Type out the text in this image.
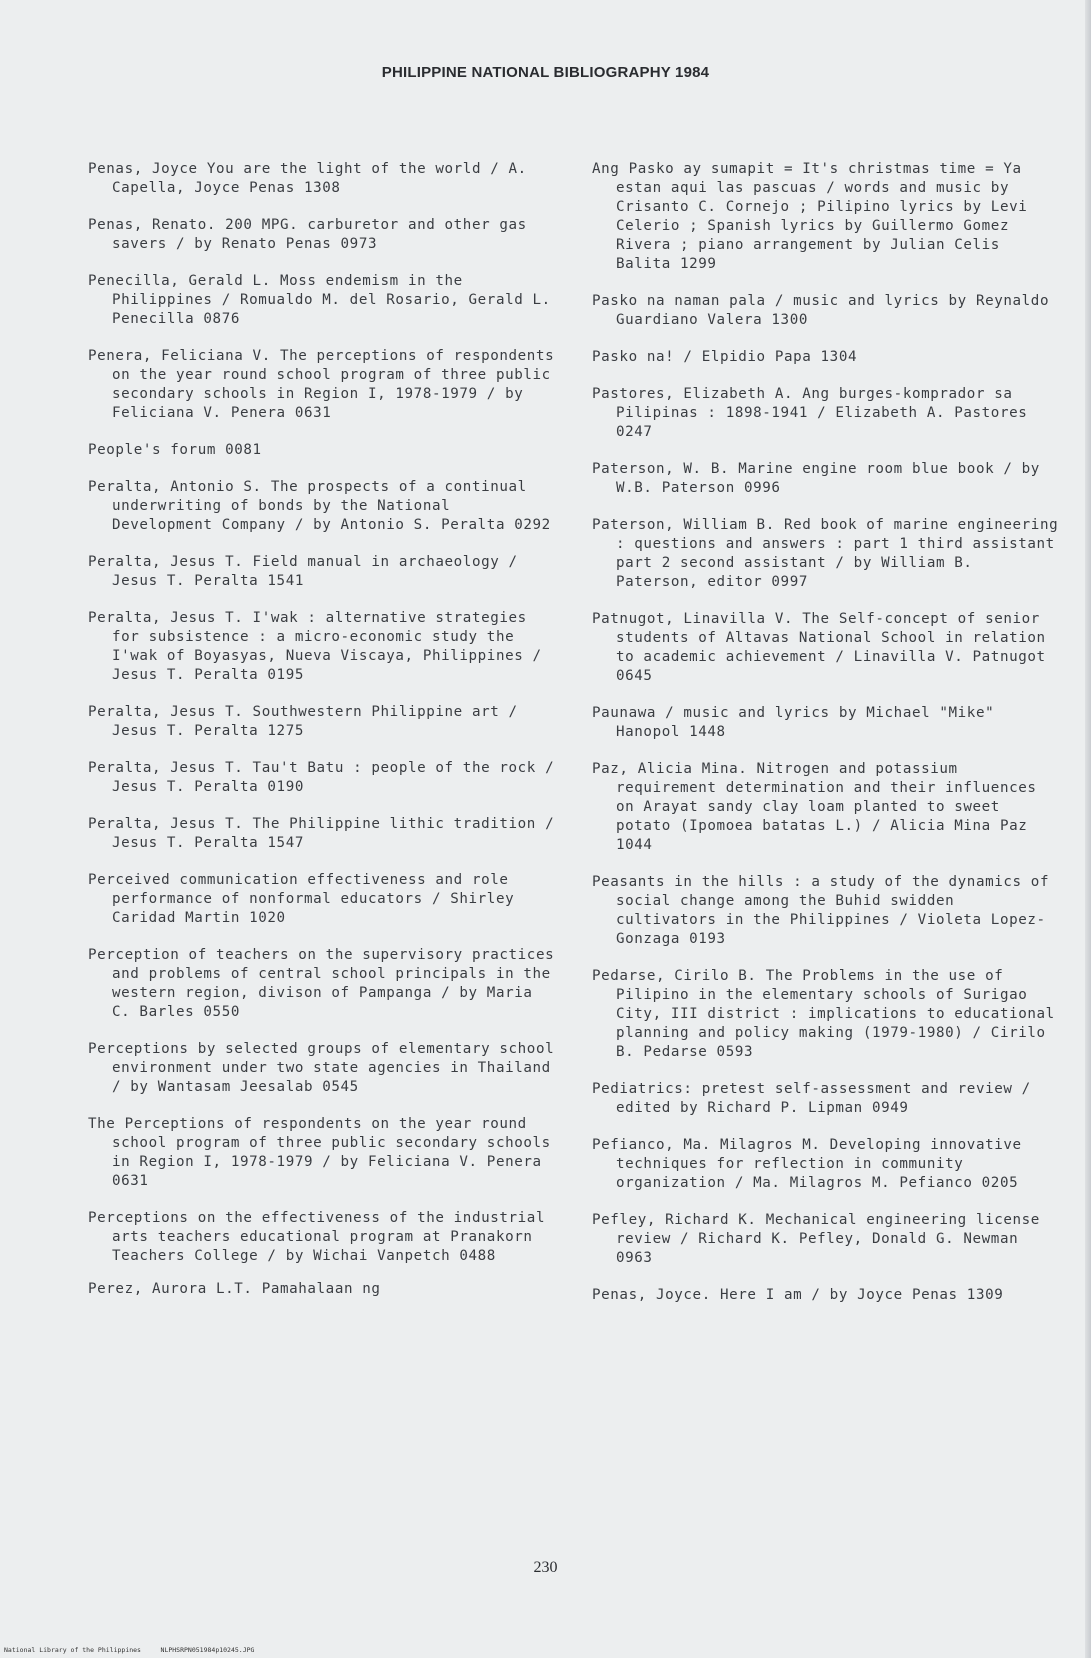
PHILIPPINE NATIONAL BIBLIOGRAPHY 1984
Penas, Joyce You are the light of the world / A. Capella, Joyce Penas 1308
Penas, Renato. 200 MPG. carburetor and other gas savers / by Renato Penas 0973
Penecilla, Gerald L. Moss endemism in the Philippines / Romualdo M. del Rosario, Gerald L. Penecilla 0876
Penera, Feliciana V. The perceptions of respondents on the year round school program of three public secondary schools in Region I, 1978-1979 / by Feliciana V. Penera 0631
People's forum 0081
Peralta, Antonio S. The prospects of a continual underwriting of bonds by the National Development Company / by Antonio S. Peralta 0292
Peralta, Jesus T. Field manual in archaeology / Jesus T. Peralta 1541
Peralta, Jesus T. I'wak : alternative strategies for subsistence : a micro-economic study the I'wak of Boyasyas, Nueva Viscaya, Philippines / Jesus T. Peralta 0195
Peralta, Jesus T. Southwestern Philippine art / Jesus T. Peralta 1275
Peralta, Jesus T. Tau't Batu : people of the rock / Jesus T. Peralta 0190
Peralta, Jesus T. The Philippine lithic tradition / Jesus T. Peralta 1547
Perceived communication effectiveness and role performance of nonformal educators / Shirley Caridad Martin 1020
Perception of teachers on the supervisory practices and problems of central school principals in the western region, divison of Pampanga / by Maria C. Barles 0550
Perceptions by selected groups of elementary school environment under two state agencies in Thailand / by Wantasam Jeesalab 0545
The Perceptions of respondents on the year round school program of three public secondary schools in Region I, 1978-1979 / by Feliciana V. Penera 0631
Perceptions on the effectiveness of the industrial arts teachers educational program at Pranakorn Teachers College / by Wichai Vanpetch 0488
Perez, Aurora L.T. Pamahalaan ng
Ang Pasko ay sumapit = It's christmas time = Ya estan aqui las pascuas / words and music by Crisanto C. Cornejo ; Pilipino lyrics by Levi Celerio ; Spanish lyrics by Guillermo Gomez Rivera ; piano arrangement by Julian Celis Balita 1299
Pasko na naman pala / music and lyrics by Reynaldo Guardiano Valera 1300
Pasko na! / Elpidio Papa 1304
Pastores, Elizabeth A. Ang burges-komprador sa Pilipinas : 1898-1941 / Elizabeth A. Pastores 0247
Paterson, W. B. Marine engine room blue book / by W.B. Paterson 0996
Paterson, William B. Red book of marine engineering : questions and answers : part 1 third assistant part 2 second assistant / by William B. Paterson, editor 0997
Patnugot, Linavilla V. The Self-concept of senior students of Altavas National School in relation to academic achievement / Linavilla V. Patnugot 0645
Paunawa / music and lyrics by Michael "Mike" Hanopol 1448
Paz, Alicia Mina. Nitrogen and potassium requirement determination and their influences on Arayat sandy clay loam planted to sweet potato (Ipomoea batatas L.) / Alicia Mina Paz 1044
Peasants in the hills : a study of the dynamics of social change among the Buhid swidden cultivators in the Philippines / Violeta Lopez-Gonzaga 0193
Pedarse, Cirilo B. The Problems in the use of Pilipino in the elementary schools of Surigao City, III district : implications to educational planning and policy making (1979-1980) / Cirilo B. Pedarse 0593
Pediatrics: pretest self-assessment and review / edited by Richard P. Lipman 0949
Pefianco, Ma. Milagros M. Developing innovative techniques for reflection in community organization / Ma. Milagros M. Pefianco 0205
Pefley, Richard K. Mechanical engineering license review / Richard K. Pefley, Donald G. Newman 0963
Penas, Joyce. Here I am / by Joyce Penas 1309
230
National Library of the Philippines     NLPHSRPN051984p10245.JPG
